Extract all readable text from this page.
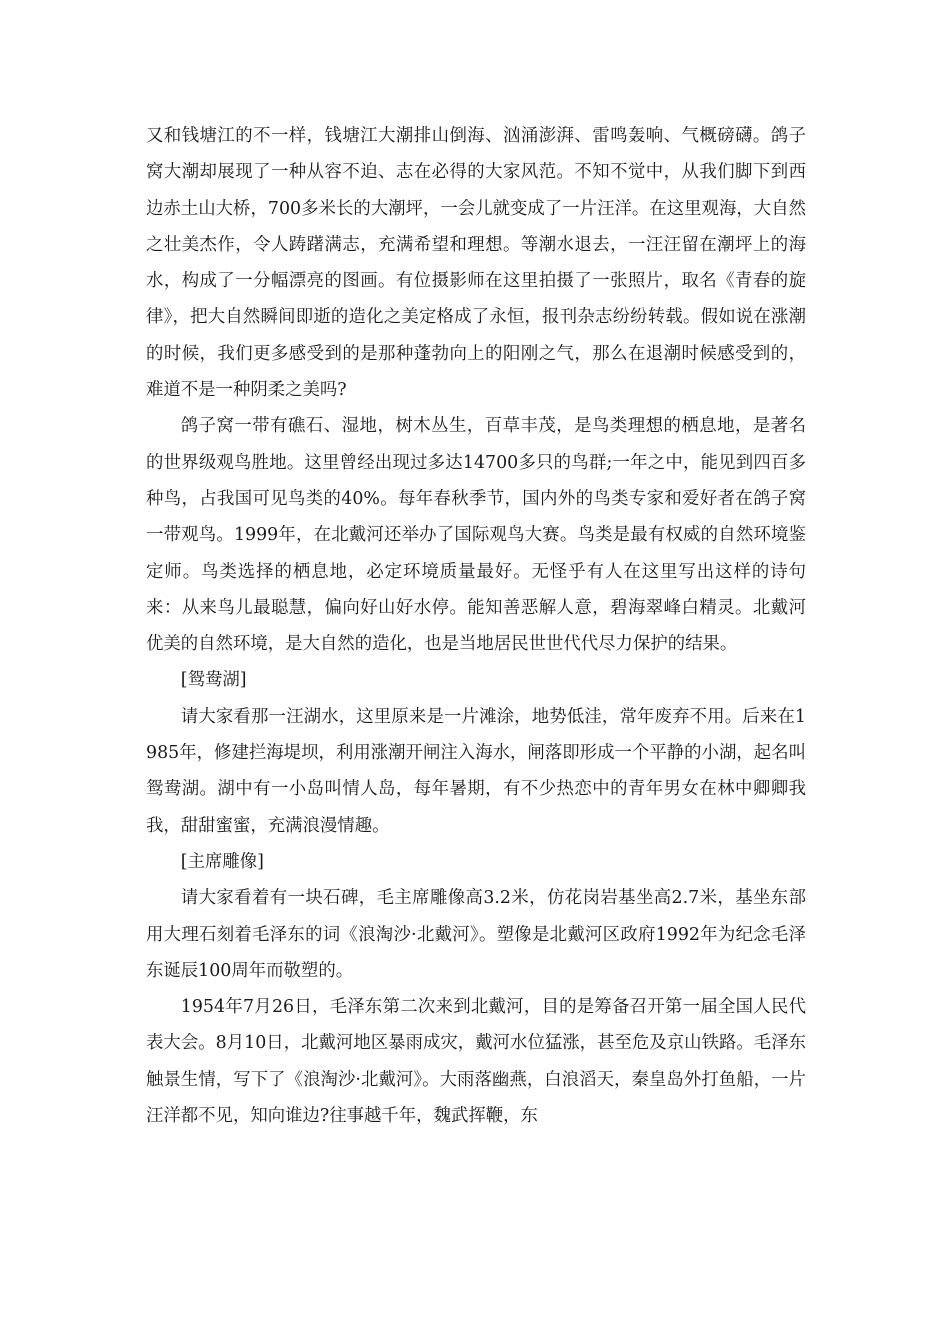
又和钱塘江的不一样，钱塘江大潮排山倒海、汹涌澎湃、雷鸣轰响、气概磅礴。鸽子窝大潮却展现了一种从容不迫、志在必得的大家风范。不知不觉中，从我们脚下到西边赤土山大桥，700多米长的大潮坪，一会儿就变成了一片汪洋。在这里观海，大自然之壮美杰作，令人踌躇满志，充满希望和理想。等潮水退去，一汪汪留在潮坪上的海水，构成了一分幅漂亮的图画。有位摄影师在这里拍摄了一张照片，取名《青春的旋律》，把大自然瞬间即逝的造化之美定格成了永恒，报刊杂志纷纷转载。假如说在涨潮的时候，我们更多感受到的是那种蓬勃向上的阳刚之气，那么在退潮时候感受到的，难道不是一种阴柔之美吗?

鸽子窝一带有礁石、湿地，树木丛生，百草丰茂，是鸟类理想的栖息地，是著名的世界级观鸟胜地。这里曾经出现过多达14700多只的鸟群;一年之中，能见到四百多种鸟，占我国可见鸟类的40%。每年春秋季节，国内外的鸟类专家和爱好者在鸽子窝一带观鸟。1999年，在北戴河还举办了国际观鸟大赛。鸟类是最有权威的自然环境鉴定师。鸟类选择的栖息地，必定环境质量最好。无怪乎有人在这里写出这样的诗句来：从来鸟儿最聪慧，偏向好山好水停。能知善恶解人意，碧海翠峰白精灵。北戴河优美的自然环境，是大自然的造化，也是当地居民世世代代尽力保护的结果。

[鸳鸯湖]

请大家看那一汪湖水，这里原来是一片滩涂，地势低洼，常年废弃不用。后来在1985年，修建拦海堤坝，利用涨潮开闸注入海水，闸落即形成一个平静的小湖，起名叫鸳鸯湖。湖中有一小岛叫情人岛，每年暑期，有不少热恋中的青年男女在林中卿卿我我，甜甜蜜蜜，充满浪漫情趣。

[主席雕像]

请大家看着有一块石碑，毛主席雕像高3.2米，仿花岗岩基坐高2.7米，基坐东部用大理石刻着毛泽东的词《浪淘沙·北戴河》。塑像是北戴河区政府1992年为纪念毛泽东诞辰100周年而敬塑的。

1954年7月26日，毛泽东第二次来到北戴河，目的是筹备召开第一届全国人民代表大会。8月10日，北戴河地区暴雨成灾，戴河水位猛涨，甚至危及京山铁路。毛泽东触景生情，写下了《浪淘沙·北戴河》。大雨落幽燕，白浪滔天，秦皇岛外打鱼船，一片汪洋都不见，知向谁边?往事越千年，魏武挥鞭，东
